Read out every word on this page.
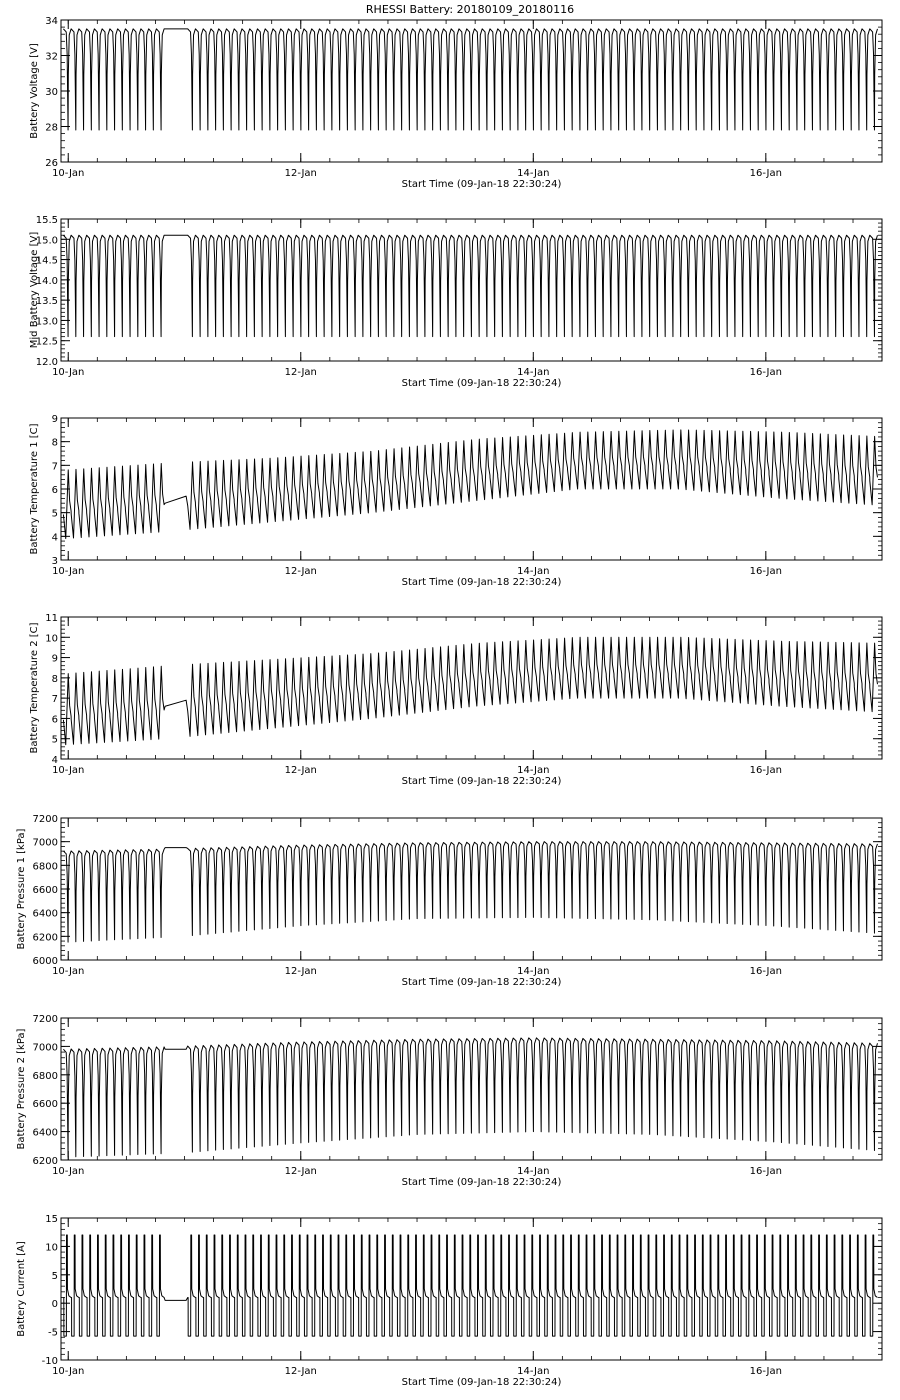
RHESSI Battery: 20180109_20180116
26
28
30
32
34
10-Jan	12-Jan	14-Jan	16-Jan
Start Time (09-Jan-18 22:30:24)
Battery Voltage [V]
12.0
12.5
13.0
13.5
14.0
14.5
15.0
15.5
10-Jan	12-Jan	14-Jan	16-Jan
Start Time (09-Jan-18 22:30:24)
Mid Battery Voltage [V]
3
4
5
6
7
8
9
10-Jan	12-Jan	14-Jan	16-Jan
Start Time (09-Jan-18 22:30:24)
Battery Temperature 1 [C]
4
5
6
7
8
9
10
11
10-Jan	12-Jan	14-Jan	16-Jan
Start Time (09-Jan-18 22:30:24)
Battery Temperature 2 [C]
6000
6200
6400
6600
6800
7000
7200
10-Jan	12-Jan	14-Jan	16-Jan
Start Time (09-Jan-18 22:30:24)
Battery Pressure 1 [kPa]
6200
6400
6600
6800
7000
7200
10-Jan	12-Jan	14-Jan	16-Jan
Start Time (09-Jan-18 22:30:24)
Battery Pressure 2 [kPa]
-10
-5
0
5
10
15
10-Jan	12-Jan	14-Jan	16-Jan
Start Time (09-Jan-18 22:30:24)
Battery Current [A]
